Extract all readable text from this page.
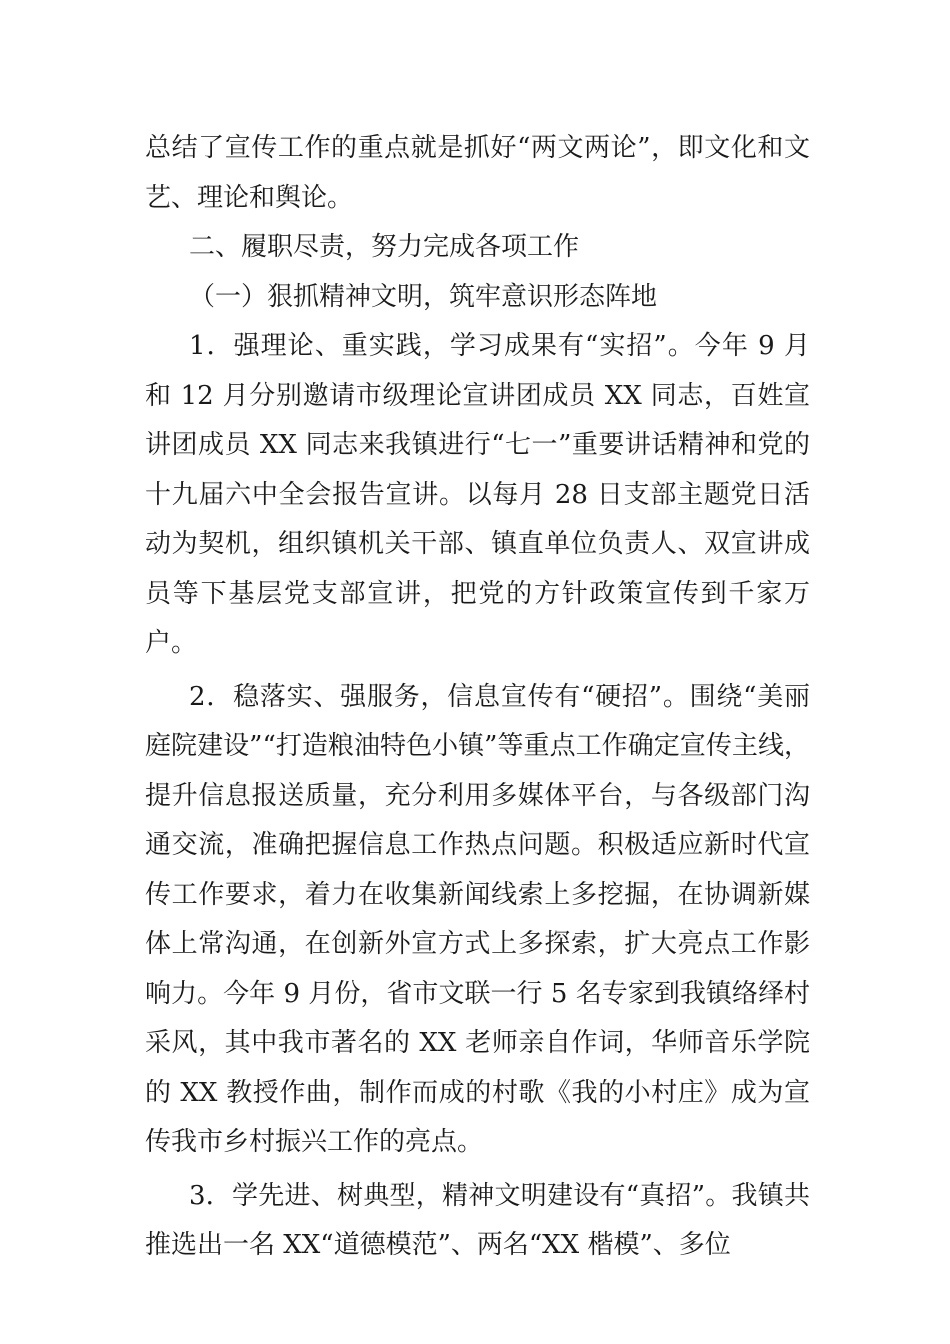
总结了宣传工作的重点就是抓好“两文两论”，即文化和文艺、理论和舆论。

二、履职尽责，努力完成各项工作

（一）狠抓精神文明，筑牢意识形态阵地

1．强理论、重实践，学习成果有“实招”。今年 9 月和 12 月分别邀请市级理论宣讲团成员 XX 同志，百姓宣讲团成员 XX 同志来我镇进行“七一”重要讲话精神和党的十九届六中全会报告宣讲。以每月 28 日支部主题党日活动为契机，组织镇机关干部、镇直单位负责人、双宣讲成员等下基层党支部宣讲，把党的方针政策宣传到千家万户。

2．稳落实、强服务，信息宣传有“硬招”。围绕“美丽庭院建设”“打造粮油特色小镇”等重点工作确定宣传主线，提升信息报送质量，充分利用多媒体平台，与各级部门沟通交流，准确把握信息工作热点问题。积极适应新时代宣传工作要求，着力在收集新闻线索上多挖掘，在协调新媒体上常沟通，在创新外宣方式上多探索，扩大亮点工作影响力。今年 9 月份，省市文联一行 5 名专家到我镇络绎村采风，其中我市著名的 XX 老师亲自作词，华师音乐学院的 XX 教授作曲，制作而成的村歌《我的小村庄》成为宣传我市乡村振兴工作的亮点。

3．学先进、树典型，精神文明建设有“真招”。我镇共推选出一名 XX“道德模范”、两名“XX 楷模”、多位
